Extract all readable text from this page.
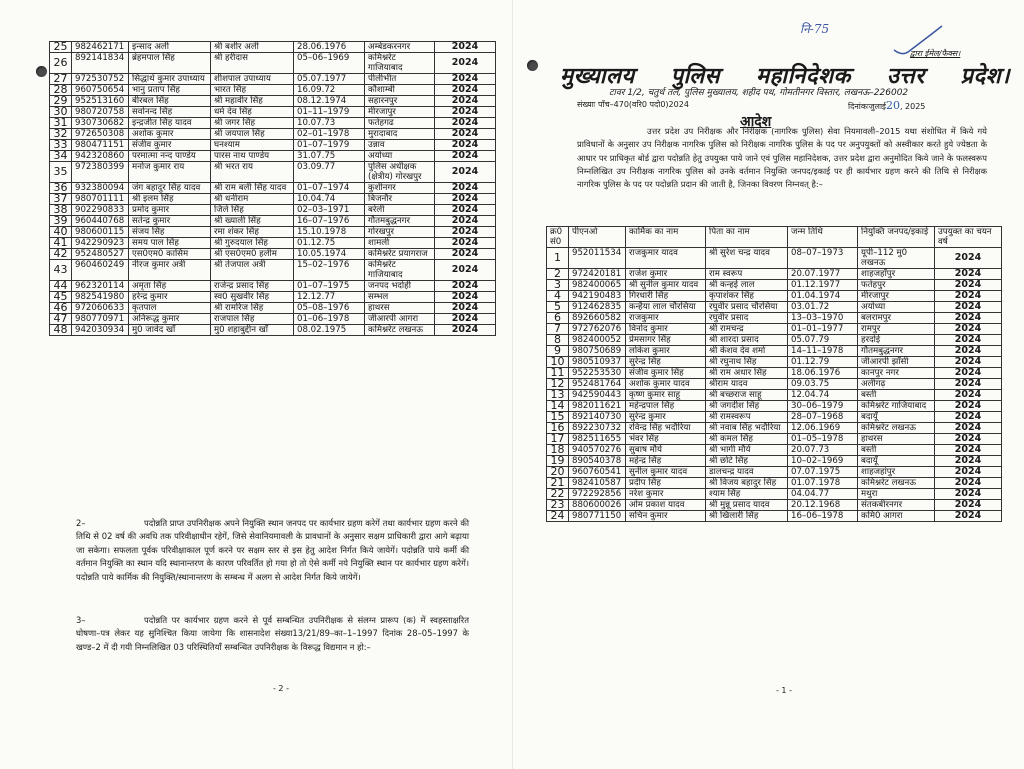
25	982462171	इन्साद अली	श्री बशीर अली	28.06.1976	अम्बेडकरनगर	2024
26	892141834	ब्रंहमपाल सिंह	श्री हरीदास	05–06–1969	कमिश्नरेट गाजियाबाद	2024
27	972530752	सिद्धार्थ कुमार उपाध्याय	शीशपाल उपाध्याय	05.07.1977	पीलीभीत	2024
28	960750654	भानु प्रताप सिंह	भारत सिंह	16.09.72	कौशाम्बी	2024
29	952513160	बीरबल सिंह	श्री महावीर सिंह	08.12.1974	सहारनपुर	2024
30	980720758	सर्वानन्द सिंह	धर्म देव सिंह	01–11–1979	मीरजापुर	2024
31	930730682	इन्द्रजीत सिंह यादव	श्री जगर सिंह	10.07.73	फतेहगढ	2024
32	972650308	अशोक कुमार	श्री जयपाल सिंह	02–01–1978	मुरादाबाद	2024
33	980471151	संजीव कुमार	घनश्याम	01–07–1979	उन्नाव	2024
34	942320860	परमात्मा नन्द पाण्डेय	पारस नाथ पाण्डेय	31.07.75	अयोध्या	2024
35	972380399	मनोज कुमार राय	श्री भरत राय	03.09.77	पुलिस अधीक्षक (क्षेत्रीय) गोरखपुर	2024
36	932380094	जंग बहादुर सिंह यादव	श्री राम बली सिंह यादव	01–07–1974	कुशीनगर	2024
37	980701111	श्री इलम सिंह	श्री धनीराम	10.04.74	बिजनौर	2024
38	902290833	प्रमोद कुमार	जिले सिंह	02–03–1971	बरेली	2024
39	960440768	सतेन्द्र कुमार	श्री ख्याली सिंह	16–07–1976	गौतमबुद्धनगर	2024
40	980600115	संजय सिंह	रमा शंकर सिंह	15.10.1978	गोरखपुर	2024
41	942290923	समय पाल सिंह	श्री गुरुदयाल सिंह	01.12.75	शामली	2024
42	952480527	एस0एम0 कासिम	श्री एस0एम0 हलीम	10.05.1974	कमिश्नरेट प्रयागराज	2024
43	960460249	नीरज कुमार अत्री	श्री तेजपाल अत्री	15–02–1976	कमिश्नरेट गाजियाबाद	2024
44	962320114	अमृता सिंह	राजेन्द्र प्रसाद सिंह	01–07–1975	जनपद भदोही	2024
45	982541980	हरेन्द्र कुमार	स्व0 सुखवीर सिंह	12.12.77	सम्भल	2024
46	972060633	कृतपाल	श्री रामरिज सिंह	05–08–1976	हाथरस	2024
47	980770971	अनिरूद्ध कुमार	राजपाल सिंह	01–06–1978	जीआरपी आगरा	2024
48	942030934	मु0 जावेद खाँ	मु0 शहाबुद्दीन खाँ	08.02.1975	कमिश्नरेट लखनऊ	2024
2–	पदोन्नति प्राप्त उपनिरीक्षक अपने नियुक्ति स्थान जनपद पर कार्यभार ग्रहण करेगें तथा कार्यभार ग्रहण करने की तिथि से 02 वर्ष की अवधि तक परिवीक्षाधीन रहेगें, जिसे सेवानियमावली के प्रावधानों के अनुसार सक्षम प्राधिकारी द्वारा आगे बढ़ाया जा सकेगा। सफलता पूर्वक परिवीक्षाकाल पूर्ण करने पर सक्षम स्तर से इस हेतु आदेश निर्गत किये जायेगें। पदोन्नति पाये कर्मी की वर्तमान नियुक्ति का स्थान यदि स्थानान्तरण के कारण परिवर्तित हो गया हो तो ऐसे कर्मी नये नियुक्ति स्थान पर कार्यभार ग्रहण करेगें। पदोन्नति पाये कार्मिक की नियुक्ति/स्थानान्तरण के सम्बन्ध में अलग से आदेश निर्गत किये जायेगें।
3–	पदोन्नति पर कार्यभार ग्रहण करने से पूर्व सम्बन्धित उपनिरीक्षक से संलग्न प्रारूप (क) में स्वहस्ताक्षरित घोषणा–पत्र लेकर यह सुनिश्चित किया जायेगा कि शासनादेश संख्या13/21/89–का–1–1997 दिनांक 28–05–1997 के खण्ड–2 में दी गयी निम्नलिखित 03 परिस्थितियाँ सम्बन्धित उपनिरीक्षक के विरूद्ध विद्यमान न हो:–
- 2 -
नि-75
द्वारा ईमेल/फैक्स।
मुख्यालय पुलिस महानिदेशक उत्तर प्रदेश।
टावर 1/2, चतुर्थ तल, पुलिस मुख्यालय, शहीद पथ, गोमतीनगर विस्तार, लखनऊ–226002
संख्याः पाँच–470(वरि0 पदो0)2024	दिनांकःजुलाई20, 2025
आदेश
उत्तर प्रदेश उप निरीक्षक और निरीक्षक (नागरिक पुलिस) सेवा नियमावली–2015 यथा संशोधित में किये गये प्राविधानों के अनुसार उप निरीक्षक नागरिक पुलिस को निरीक्षक नागरिक पुलिस के पद पर अनुपयुक्तों को अस्वीकार करते हुये ज्येष्ठता के आधार पर प्राधिकृत बोर्ड द्वारा पदोन्नति हेतु उपयुक्त पाये जाने एवं पुलिस महानिदेशक, उत्तर प्रदेश द्वारा अनुमोदित किये जाने के फलस्वरूप निम्नलिखित उप निरीक्षक नागरिक पुलिस को उनके वर्तमान नियुक्ति जनपद/इकाई पर ही कार्यभार ग्रहण करने की तिथि से निरीक्षक नागरिक पुलिस के पद पर पदोन्नति प्रदान की जाती है, जिनका विवरण निम्नवत् है:–
क्र0 सं0	पीएनओ	कार्मिक का नाम	पिता का नाम	जन्म तिथि	नियुक्ति जनपद/इकाई	उपयुक्त का चयन वर्ष
1	952011534	राजकुमार यादव	श्री सुरेश चन्द्र यादव	08–07–1973	यूपी–112 मु0 लखनऊ	2024
2	972420181	राजेश कुमार	राम स्वरूप	20.07.1977	शाहजहाँपुर	2024
3	982400065	श्री सुनील कुमार यादव	श्री कन्हई लाल	01.12.1977	फतेहपुर	2024
4	942190483	गिरधारी सिंह	कृपाशंकर सिंह	01.04.1974	मीरजापुर	2024
5	912462835	कन्हैया लाल चौरसिया	रघुवीर प्रसाद चौरसिया	03.01.72	अयोध्या	2024
6	892660582	राजकुमार	रघुवीर प्रसाद	13–03–1970	बलरामपुर	2024
7	972762076	विनोद कुमार	श्री रामचन्द्र	01–01–1977	रामपुर	2024
8	982400052	प्रेमसागर सिंह	श्री शारदा प्रसाद	05.07.79	हरदोई	2024
9	980750689	लोकेश कुमार	श्री केशव देव शर्मा	14–11–1978	गौतमबुद्धनगर	2024
10	980510937	सुरेन्द्र सिंह	श्री रघुनाथ सिंह	01.12.79	जीआरपी झाँसी	2024
11	952253530	संजीव कुमार सिंह	श्री राम अधार सिंह	18.06.1976	कानपुर नगर	2024
12	952481764	अशोक कुमार यादव	श्रीराम यादव	09.03.75	अलीगढ़	2024
13	942590443	कृष्ण कुमार साहू	श्री बच्छराज साहू	12.04.74	बस्ती	2024
14	982011621	महेन्द्रपाल सिंह	श्री जगदीश सिंह	30–06–1979	कमिश्नरेट गाजियाबाद	2024
15	892140730	सुरेन्द्र कुमार	श्री रामस्वरूप	28–07–1968	बदायूँ	2024
16	892230732	रविन्द्र सिंह भदौरिया	श्री नवाब सिंह भदौरिया	12.06.1969	कमिश्नरेट लखनऊ	2024
17	982511655	भंवर सिंह	श्री कमल सिंह	01–05–1978	हाथरस	2024
18	940570276	सुबाष मौर्य	श्री भागी मौर्य	20.07.73	बस्ती	2024
19	890540378	महेन्द्र सिंह	श्री छोटे सिंह	10–02–1969	बदायूँ	2024
20	960760541	सुनील कुमार यादव	डालचन्द्र यादव	07.07.1975	शाहजहांपुर	2024
21	982410587	प्रदीप सिंह	श्री विजय बहादुर सिंह	01.07.1978	कमिश्नरेट लखनऊ	2024
22	972292856	नरेश कुमार	श्याम सिंह	04.04.77	मथुरा	2024
23	880600026	ओम प्रकाश यादव	श्री मुन्नू प्रसाद यादव	20.12.1968	संतकबीरनगर	2024
24	980771150	सचिन कुमार	श्री खिलारी सिंह	16–06–1978	कमि0 आगरा	2024
- 1 -
